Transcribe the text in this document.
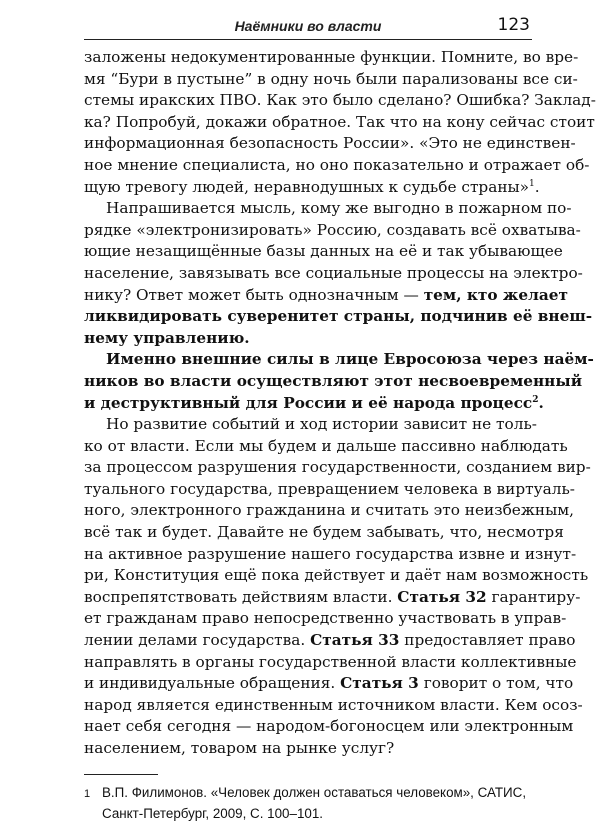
Наёмники во власти	123
заложены недокументированные функции. Помните, во вре-
мя “Бури в пустыне” в одну ночь были парализованы все си-
стемы иракских ПВО. Как это было сделано? Ошибка? Заклад-
ка? Попробуй, докажи обратное. Так что на кону сейчас стоит
информационная безопасность России». «Это не единствен-
ное мнение специалиста, но оно показательно и отражает об-
щую тревогу людей, неравнодушных к судьбе страны»$^1$.
Напрашивается мысль, кому же выгодно в пожарном по-
рядке «электронизировать» Россию, создавать всё охватыва-
ющие незащищённые базы данных на её и так убывающее
население, завязывать все социальные процессы на электро-
нику? Ответ может быть однозначным — тем, кто желает
ликвидировать суверенитет страны, подчинив её внеш-
нему управлению.
Именно внешние силы в лице Евросоюза через наём-
ников во власти осуществляют этот несвоевременный
и деструктивный для России и её народа процесс$^2$.
Но развитие событий и ход истории зависит не толь-
ко от власти. Если мы будем и дальше пассивно наблюдать
за процессом разрушения государственности, созданием вир-
туального государства, превращением человека в виртуаль-
ного, электронного гражданина и считать это неизбежным,
всё так и будет. Давайте не будем забывать, что, несмотря
на активное разрушение нашего государства извне и изнут-
ри, Конституция ещё пока действует и даёт нам возможность
воспрепятствовать действиям власти. Статья 32 гарантиру-
ет гражданам право непосредственно участвовать в управ-
лении делами государства. Статья 33 предоставляет право
направлять в органы государственной власти коллективные
и индивидуальные обращения. Статья 3 говорит о том, что
народ является единственным источником власти. Кем осоз-
нает себя сегодня — народом-богоносцем или электронным
населением, товаром на рынке услуг?
1 В.П. Филимонов. «Человек должен оставаться человеком», САТИС,
Санкт-Петербург, 2009, С. 100–101.
